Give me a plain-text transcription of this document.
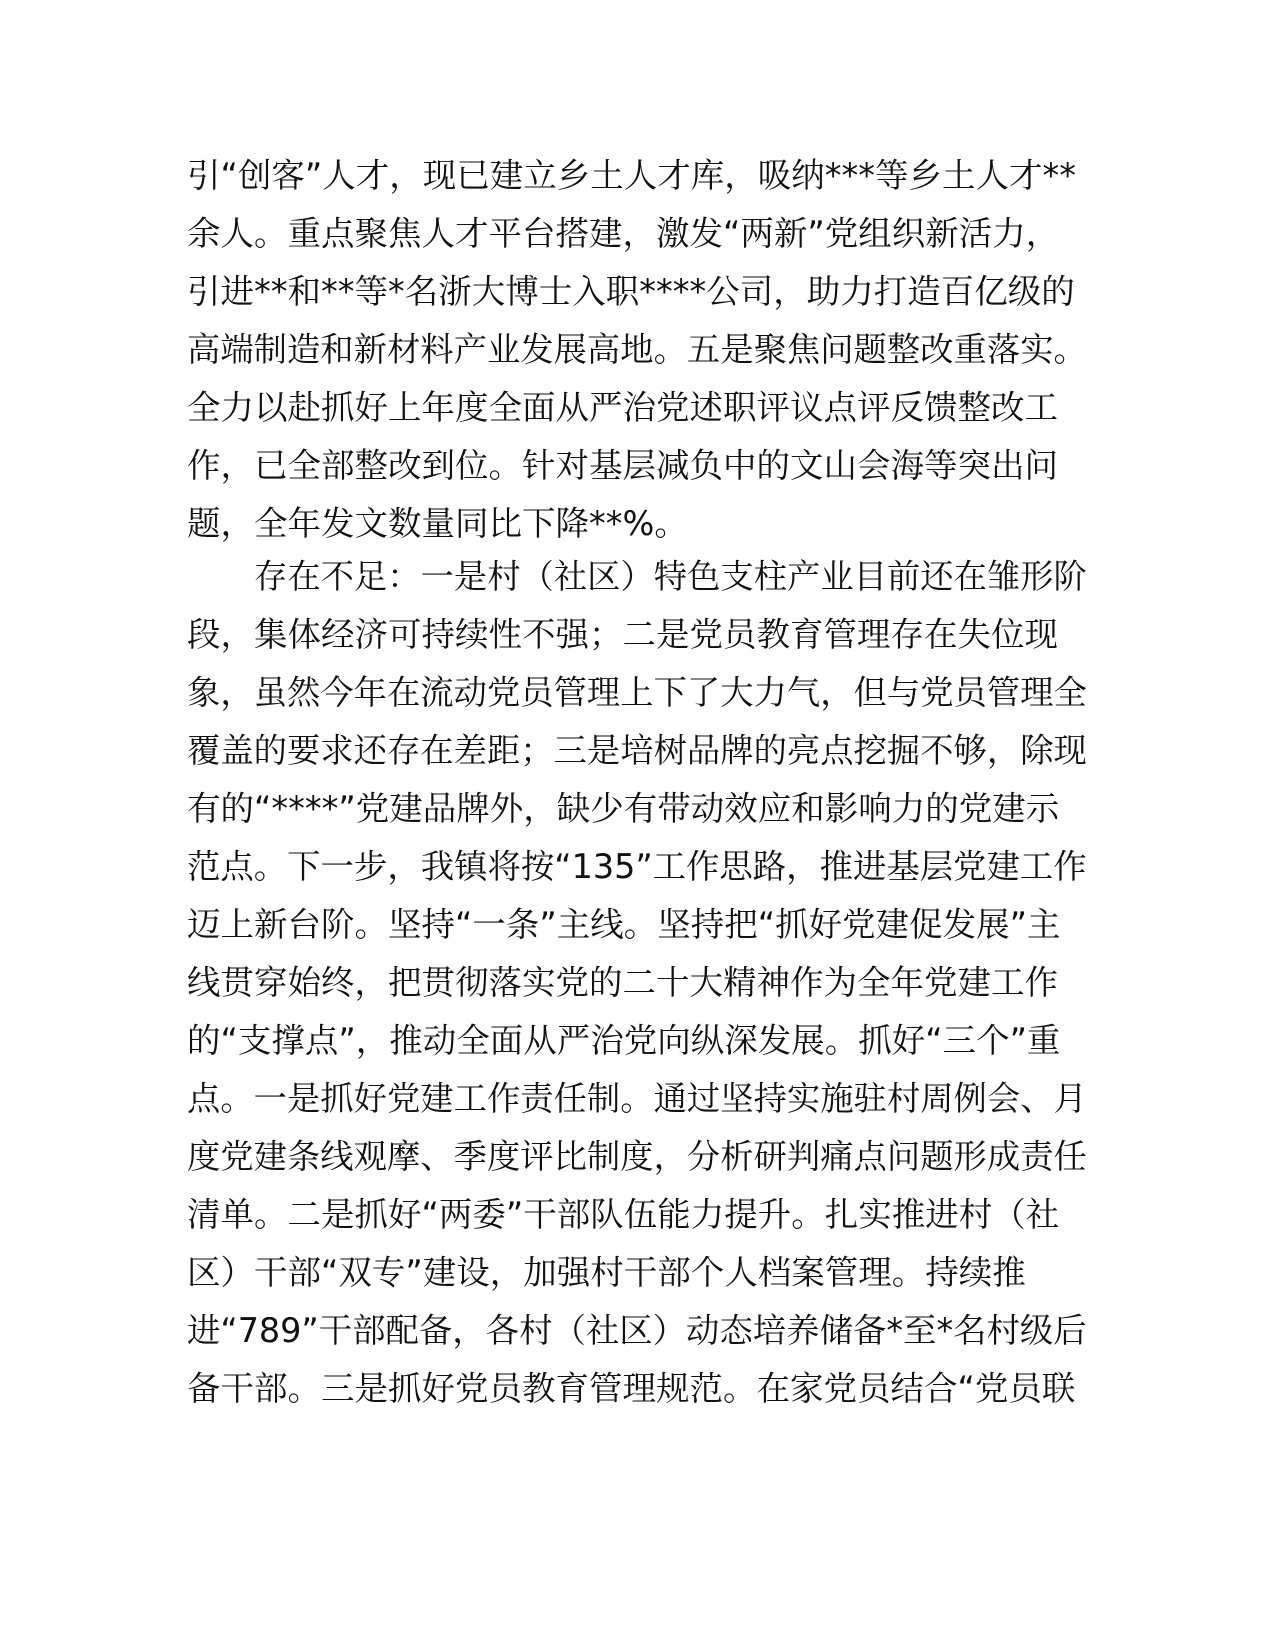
引“创客”人才，现已建立乡土人才库，吸纳***等乡土人才**
余人。重点聚焦人才平台搭建，激发“两新”党组织新活力，
引进**和**等*名浙大博士入职****公司，助力打造百亿级的
高端制造和新材料产业发展高地。五是聚焦问题整改重落实。
全力以赴抓好上年度全面从严治党述职评议点评反馈整改工
作，已全部整改到位。针对基层减负中的文山会海等突出问
题，全年发文数量同比下降**%。
存在不足：一是村（社区）特色支柱产业目前还在雏形阶
段，集体经济可持续性不强；二是党员教育管理存在失位现
象，虽然今年在流动党员管理上下了大力气，但与党员管理全
覆盖的要求还存在差距；三是培树品牌的亮点挖掘不够，除现
有的“****”党建品牌外，缺少有带动效应和影响力的党建示
范点。下一步，我镇将按“135”工作思路，推进基层党建工作
迈上新台阶。坚持“一条”主线。坚持把“抓好党建促发展”主
线贯穿始终，把贯彻落实党的二十大精神作为全年党建工作
的“支撑点”，推动全面从严治党向纵深发展。抓好“三个”重
点。一是抓好党建工作责任制。通过坚持实施驻村周例会、月
度党建条线观摩、季度评比制度，分析研判痛点问题形成责任
清单。二是抓好“两委”干部队伍能力提升。扎实推进村（社
区）干部“双专”建设，加强村干部个人档案管理。持续推
进“789”干部配备，各村（社区）动态培养储备*至*名村级后
备干部。三是抓好党员教育管理规范。在家党员结合“党员联
